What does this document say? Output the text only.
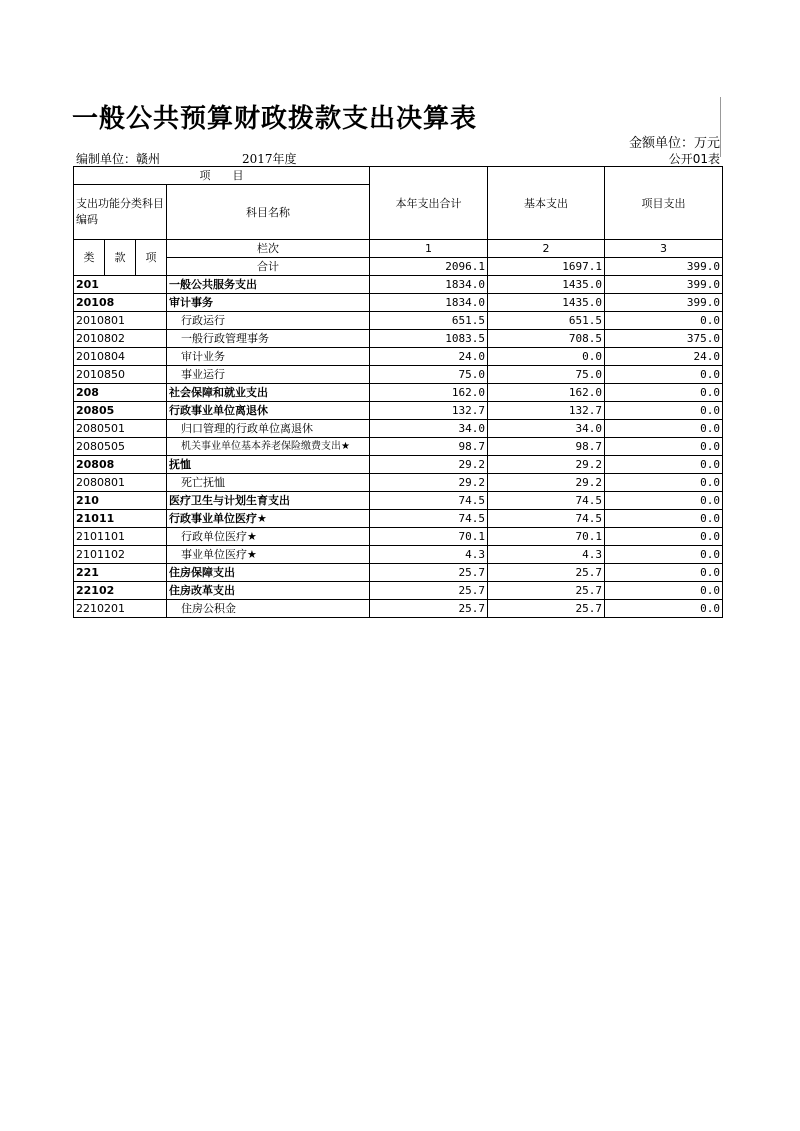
一般公共预算财政拨款支出决算表
金额单位：万元
编制单位：赣州	2017年度	公开01表
项　　目				本年支出合计	基本支出	项目支出
支出功能分类科目编码			科目名称			
类	款	项	栏次	1	2	3
			合计	2096.1	1697.1	399.0
201			一般公共服务支出	1834.0	1435.0	399.0
20108			审计事务	1834.0	1435.0	399.0
2010801			行政运行	651.5	651.5	0.0
2010802			一般行政管理事务	1083.5	708.5	375.0
2010804			审计业务	24.0	0.0	24.0
2010850			事业运行	75.0	75.0	0.0
208			社会保障和就业支出	162.0	162.0	0.0
20805			行政事业单位离退休	132.7	132.7	0.0
2080501			归口管理的行政单位离退休	34.0	34.0	0.0
2080505			机关事业单位基本养老保险缴费支出★	98.7	98.7	0.0
20808			抚恤	29.2	29.2	0.0
2080801			死亡抚恤	29.2	29.2	0.0
210			医疗卫生与计划生育支出	74.5	74.5	0.0
21011			行政事业单位医疗★	74.5	74.5	0.0
2101101			行政单位医疗★	70.1	70.1	0.0
2101102			事业单位医疗★	4.3	4.3	0.0
221			住房保障支出	25.7	25.7	0.0
22102			住房改革支出	25.7	25.7	0.0
2210201			住房公积金	25.7	25.7	0.0
